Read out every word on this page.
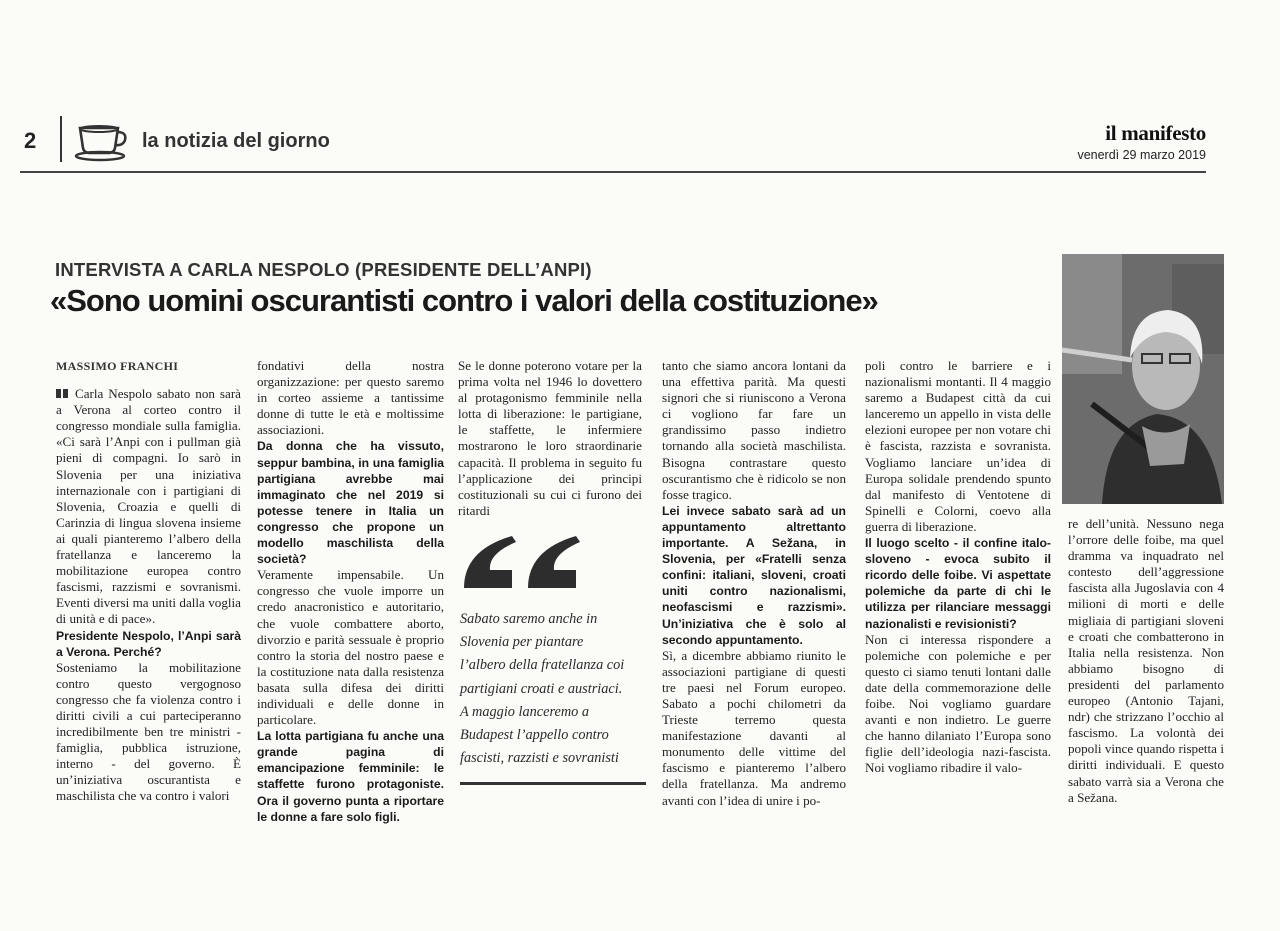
2	la notizia del giorno	il manifesto
venerdì 29 marzo 2019
INTERVISTA A CARLA NESPOLO (PRESIDENTE DELL’ANPI)
«Sono uomini oscurantisti contro i valori della costituzione»
MASSIMO FRANCHI

Carla Nespolo sabato non sarà a Verona al corteo contro il congresso mondiale sulla famiglia. «Ci sarà l’Anpi con i pullman già pieni di compagni. Io sarò in Slovenia per una iniziativa internazionale con i partigiani di Slovenia, Croazia e quelli di Carinzia di lingua slovena insieme ai quali pianteremo l’albero della fratellanza e lanceremo la mobilitazione europea contro fascismi, razzismi e sovranismi. Eventi diversi ma uniti dalla voglia di unità e di pace».

Presidente Nespolo, l’Anpi sarà a Verona. Perché?

Sosteniamo la mobilitazione contro questo vergognoso congresso che fa violenza contro i diritti civili a cui parteciperanno incredibilmente ben tre ministri - famiglia, pubblica istruzione, interno - del governo. È un’iniziativa oscurantista e maschilista che va contro i valori

fondativi della nostra organizzazione: per questo saremo in corteo assieme a tantissime donne di tutte le età e moltissime associazioni.

Da donna che ha vissuto, seppur bambina, in una famiglia partigiana avrebbe mai immaginato che nel 2019 si potesse tenere in Italia un congresso che propone un modello maschilista della società?

Veramente impensabile. Un congresso che vuole imporre un credo anacronistico e autoritario, che vuole combattere aborto, divorzio e parità sessuale è proprio contro la storia del nostro paese e la costituzione nata dalla resistenza basata sulla difesa dei diritti individuali e delle donne in particolare.

La lotta partigiana fu anche una grande pagina di emancipazione femminile: le staffette furono protagoniste. Ora il governo punta a riportare le donne a fare solo figli.

Se le donne poterono votare per la prima volta nel 1946 lo dovettero al protagonismo femminile nella lotta di liberazione: le partigiane, le staffette, le infermiere mostrarono le loro straordinarie capacità. Il problema in seguito fu l’applicazione dei principi costituzionali su cui ci furono dei ritardi

Sabato saremo anche in
Slovenia per piantare
l’albero della fratellanza coi
partigiani croati e austriaci.
A maggio lanceremo a
Budapest l’appello contro
fascisti, razzisti e sovranisti

tanto che siamo ancora lontani da una effettiva parità. Ma questi signori che si riuniscono a Verona ci vogliono far fare un grandissimo passo indietro tornando alla società maschilista. Bisogna contrastare questo oscurantismo che è ridicolo se non fosse tragico.

Lei invece sabato sarà ad un appuntamento altrettanto importante. A Sežana, in Slovenia, per «Fratelli senza confini: italiani, sloveni, croati uniti contro nazionalismi, neofascismi e razzismi». Un’iniziativa che è solo al secondo appuntamento.

Sì, a dicembre abbiamo riunito le associazioni partigiane di questi tre paesi nel Forum europeo. Sabato a pochi chilometri da Trieste terremo questa manifestazione davanti al monumento delle vittime del fascismo e pianteremo l’albero della fratellanza. Ma andremo avanti con l’idea di unire i po-

poli contro le barriere e i nazionalismi montanti. Il 4 maggio saremo a Budapest città da cui lanceremo un appello in vista delle elezioni europee per non votare chi è fascista, razzista e sovranista. Vogliamo lanciare un’idea di Europa solidale prendendo spunto dal manifesto di Ventotene di Spinelli e Colorni, coevo alla guerra di liberazione.

Il luogo scelto - il confine italo-sloveno - evoca subito il ricordo delle foibe. Vi aspettate polemiche da parte di chi le utilizza per rilanciare messaggi nazionalisti e revisionisti?

Non ci interessa rispondere a polemiche con polemiche e per questo ci siamo tenuti lontani dalle date della commemorazione delle foibe. Noi vogliamo guardare avanti e non indietro. Le guerre che hanno dilaniato l’Europa sono figlie dell’ideologia nazi-fascista. Noi vogliamo ribadire il valo-

re dell’unità. Nessuno nega l’orrore delle foibe, ma quel dramma va inquadrato nel contesto dell’aggressione fascista alla Jugoslavia con 4 milioni di morti e delle migliaia di partigiani sloveni e croati che combatterono in Italia nella resistenza. Non abbiamo bisogno di presidenti del parlamento europeo (Antonio Tajani, ndr) che strizzano l’occhio al fascismo. La volontà dei popoli vince quando rispetta i diritti individuali. E questo sabato varrà sia a Verona che a Sežana.
